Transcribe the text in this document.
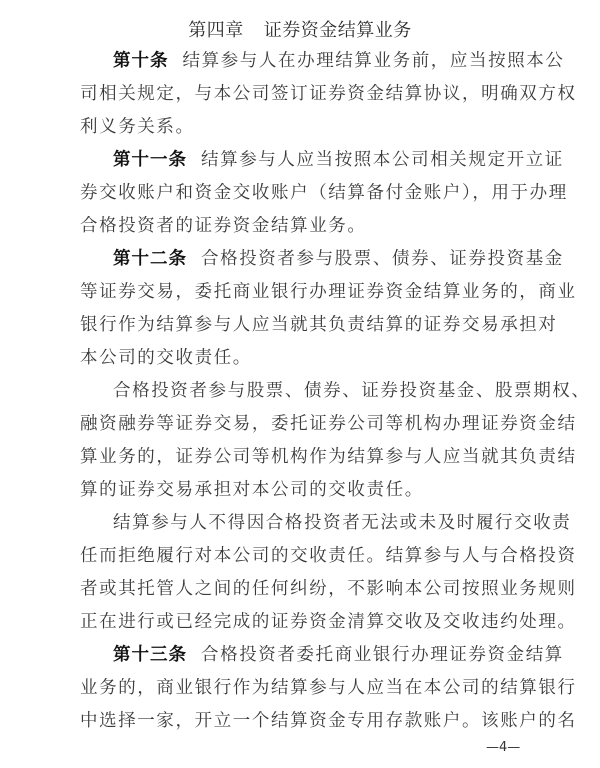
第四章 证券资金结算业务
第十条 结算参与人在办理结算业务前，应当按照本公
司相关规定，与本公司签订证券资金结算协议，明确双方权
利义务关系。
第十一条 结算参与人应当按照本公司相关规定开立证
券交收账户和资金交收账户（结算备付金账户），用于办理
合格投资者的证券资金结算业务。
第十二条 合格投资者参与股票、债券、证券投资基金
等证券交易，委托商业银行办理证券资金结算业务的，商业
银行作为结算参与人应当就其负责结算的证券交易承担对
本公司的交收责任。
合格投资者参与股票、债券、证券投资基金、股票期权、
融资融券等证券交易，委托证券公司等机构办理证券资金结
算业务的，证券公司等机构作为结算参与人应当就其负责结
算的证券交易承担对本公司的交收责任。
结算参与人不得因合格投资者无法或未及时履行交收责
任而拒绝履行对本公司的交收责任。结算参与人与合格投资
者或其托管人之间的任何纠纷，不影响本公司按照业务规则
正在进行或已经完成的证券资金清算交收及交收违约处理。
第十三条 合格投资者委托商业银行办理证券资金结算
业务的，商业银行作为结算参与人应当在本公司的结算银行
中选择一家，开立一个结算资金专用存款账户。该账户的名
—4—
